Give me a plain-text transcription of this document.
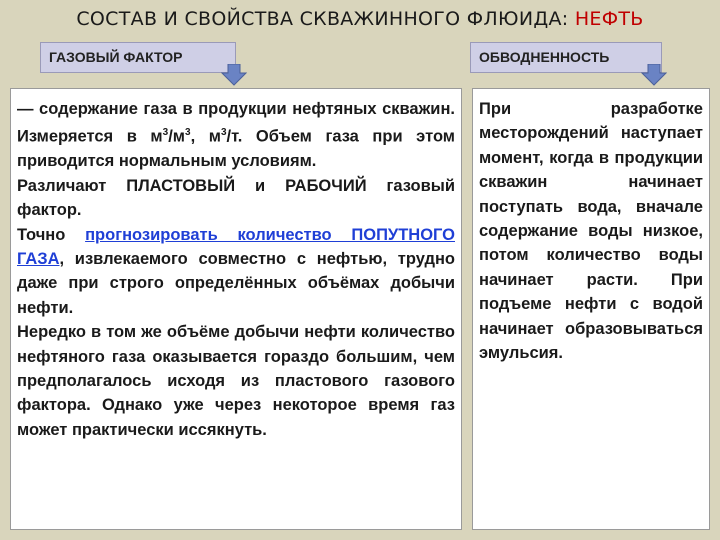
СОСТАВ И СВОЙСТВА СКВАЖИННОГО ФЛЮИДА: НЕФТЬ
ГАЗОВЫЙ ФАКТОР	ОБВОДНЕННОСТЬ

— содержание газа в продукции нефтяных скважин. Измеряется в $м^3/м^3$, $м^3/т$. Объем газа при этом приводится нормальным условиям.

Различают ПЛАСТОВЫЙ и РАБОЧИЙ газовый фактор.

Точно прогнозировать количество ПОПУТНОГО ГАЗА, извлекаемого совместно с нефтью, трудно даже при строго определённых объёмах добычи нефти.

Нередко в том же объёме добычи нефти количество нефтяного газа оказывается гораздо большим, чем предполагалось исходя из пластового газового фактора. Однако уже через некоторое время газ может практически иссякнуть.

При разработке месторождений наступает момент, когда в продукции скважин начинает поступать вода, вначале содержание воды низкое, потом количество воды начинает расти. При подъеме нефти с водой начинает образовываться эмульсия.
